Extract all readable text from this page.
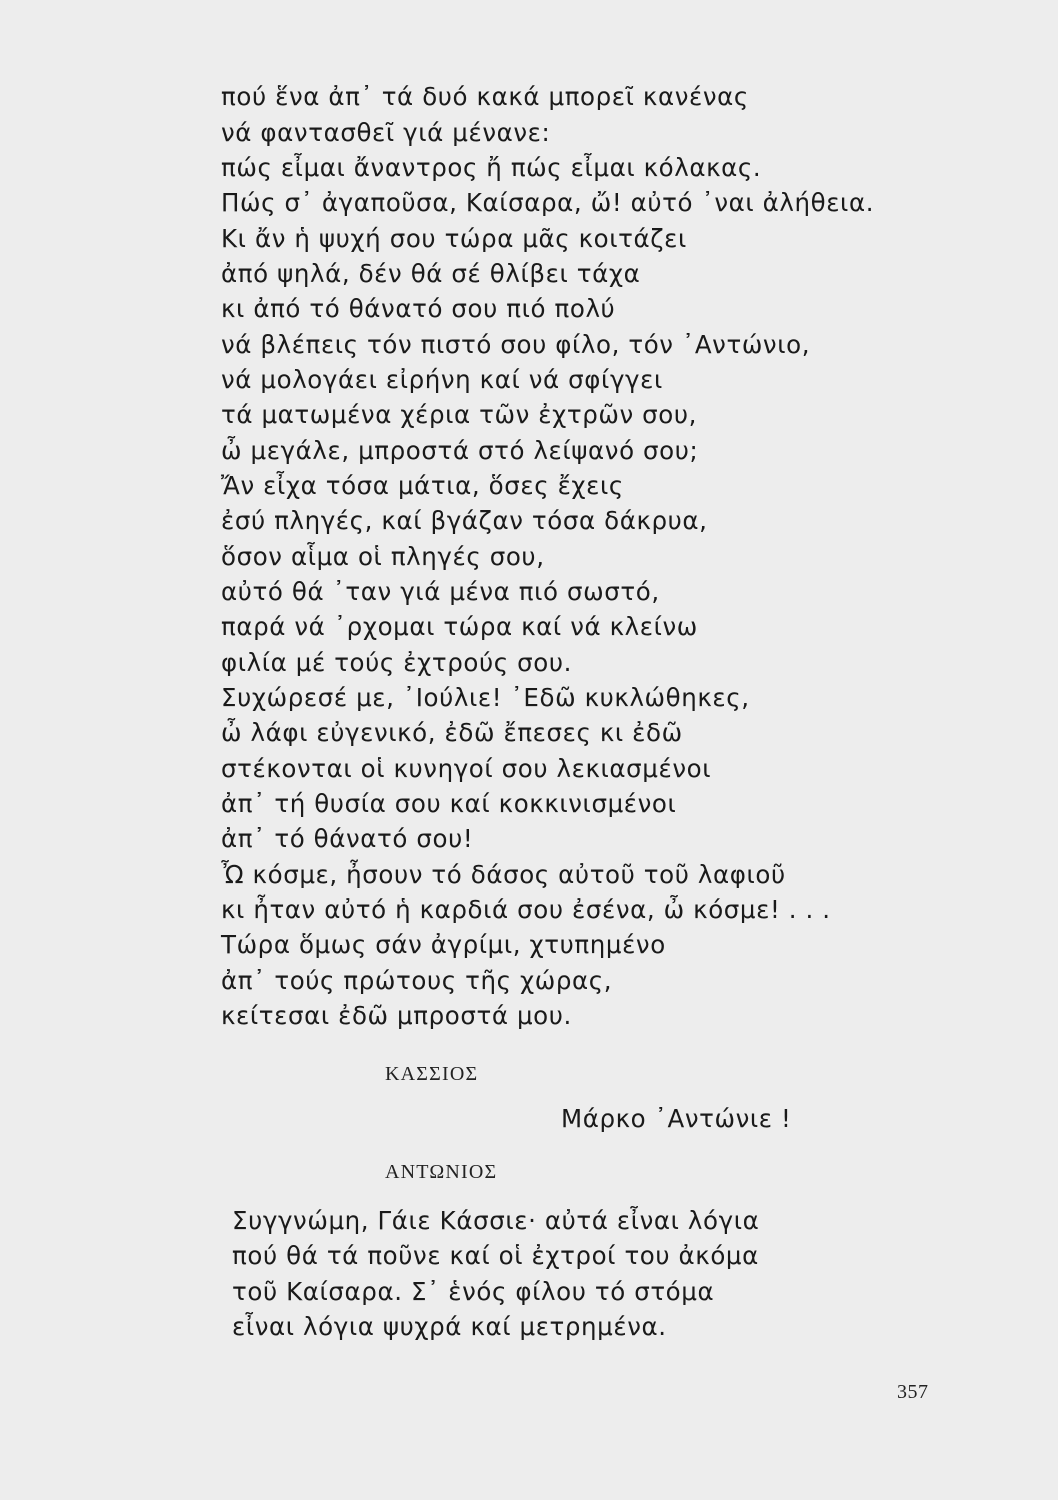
πού ἕνα ἀπ᾽ τά δυό κακά μπορεῖ κανένας
νά φαντασθεῖ γιά μένανε:
πώς εἶμαι ἄναντρος ἤ πώς εἶμαι κόλακας.
Πώς σ᾽ ἀγαποῦσα, Καίσαρα, ὤ! αὐτό ᾽ναι ἀλήθεια.
Κι ἄν ἡ ψυχή σου τώρα μᾶς κοιτάζει
ἀπό ψηλά, δέν θά σέ θλίβει τάχα
κι ἀπό τό θάνατό σου πιό πολύ
νά βλέπεις τόν πιστό σου φίλο, τόν ᾽Αντώνιο,
νά μολογάει εἰρήνη καί νά σφίγγει
τά ματωμένα χέρια τῶν ἐχτρῶν σου,
ὦ μεγάλε, μπροστά στό λείψανό σου;
Ἄν εἶχα τόσα μάτια, ὅσες ἔχεις
ἐσύ πληγές, καί βγάζαν τόσα δάκρυα,
ὅσον αἷμα οἱ πληγές σου,
αὐτό θά ᾽ταν γιά μένα πιό σωστό,
παρά νά ᾽ρχομαι τώρα καί νά κλείνω
φιλία μέ τούς ἐχτρούς σου.
Συχώρεσέ με, ᾽Ιούλιε! ᾽Εδῶ κυκλώθηκες,
ὦ λάφι εὐγενικό, ἐδῶ ἔπεσες κι ἐδῶ
στέκονται οἱ κυνηγοί σου λεκιασμένοι
ἀπ᾽ τή θυσία σου καί κοκκινισμένοι
ἀπ᾽ τό θάνατό σου!
Ὦ κόσμε, ἦσουν τό δάσος αὐτοῦ τοῦ λαφιοῦ
κι ἦταν αὐτό ἡ καρδιά σου ἐσένα, ὦ κόσμε! . . .
Τώρα ὅμως σάν ἀγρίμι, χτυπημένο
ἀπ᾽ τούς πρώτους τῆς χώρας,
κείτεσαι ἐδῶ μπροστά μου.
ΚΑΣΣΙΟΣ
Μάρκο ᾽Αντώνιε !
ΑΝΤΩΝΙΟΣ
Συγγνώμη, Γάιε Κάσσιε· αὐτά εἶναι λόγια
πού θά τά ποῦνε καί οἱ ἐχτροί του ἀκόμα
τοῦ Καίσαρα. Σ᾽ ἑνός φίλου τό στόμα
εἶναι λόγια ψυχρά καί μετρημένα.
357
